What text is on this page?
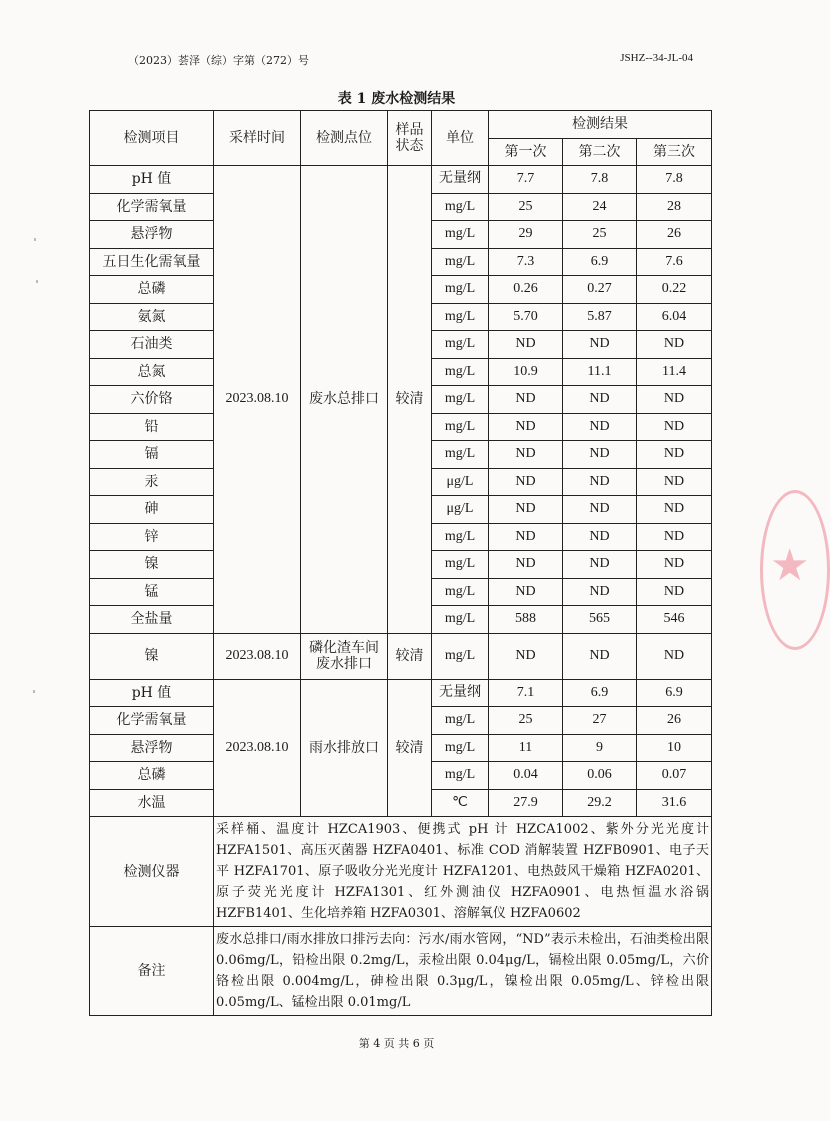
（2023）荟泽（综）字第（272）号	JSHZ--34-JL-04
表 1 废水检测结果
检测项目	采样时间	检测点位	样品状态	单位	检测结果		
					第一次	第二次	第三次
pH 值	2023.08.10	废水总排口	较清	无量纲	7.7	7.8	7.8
化学需氧量				mg/L	25	24	28
悬浮物				mg/L	29	25	26
五日生化需氧量				mg/L	7.3	6.9	7.6
总磷				mg/L	0.26	0.27	0.22
氨氮				mg/L	5.70	5.87	6.04
石油类				mg/L	ND	ND	ND
总氮				mg/L	10.9	11.1	11.4
六价铬				mg/L	ND	ND	ND
铅				mg/L	ND	ND	ND
镉				mg/L	ND	ND	ND
汞				μg/L	ND	ND	ND
砷				μg/L	ND	ND	ND
锌				mg/L	ND	ND	ND
镍				mg/L	ND	ND	ND
锰				mg/L	ND	ND	ND
全盐量				mg/L	588	565	546
镍	2023.08.10	磷化渣车间废水排口	较清	mg/L	ND	ND	ND
pH 值	2023.08.10	雨水排放口	较清	无量纲	7.1	6.9	6.9
化学需氧量				mg/L	25	27	26
悬浮物				mg/L	11	9	10
总磷				mg/L	0.04	0.06	0.07
水温				℃	27.9	29.2	31.6
检测仪器	采样桶、温度计 HZCA1903、便携式 pH 计 HZCA1002、紫外分光光度计 HZFA1501、高压灭菌器 HZFA0401、标准 COD 消解装置 HZFB0901、电子天平 HZFA1701、原子吸收分光光度计 HZFA1201、电热鼓风干燥箱 HZFA0201、原子荧光光度计 HZFA1301、红外测油仪 HZFA0901、电热恒温水浴锅 HZFB1401、生化培养箱 HZFA0301、溶解氧仪 HZFA0602						
备注	废水总排口/雨水排放口排污去向：污水/雨水管网，“ND”表示未检出，石油类检出限 0.06mg/L，铅检出限 0.2mg/L，汞检出限 0.04μg/L，镉检出限 0.05mg/L，六价铬检出限 0.004mg/L，砷检出限 0.3μg/L，镍检出限 0.05mg/L、锌检出限 0.05mg/L、锰检出限 0.01mg/L						
第 4 页 共 6 页
★
